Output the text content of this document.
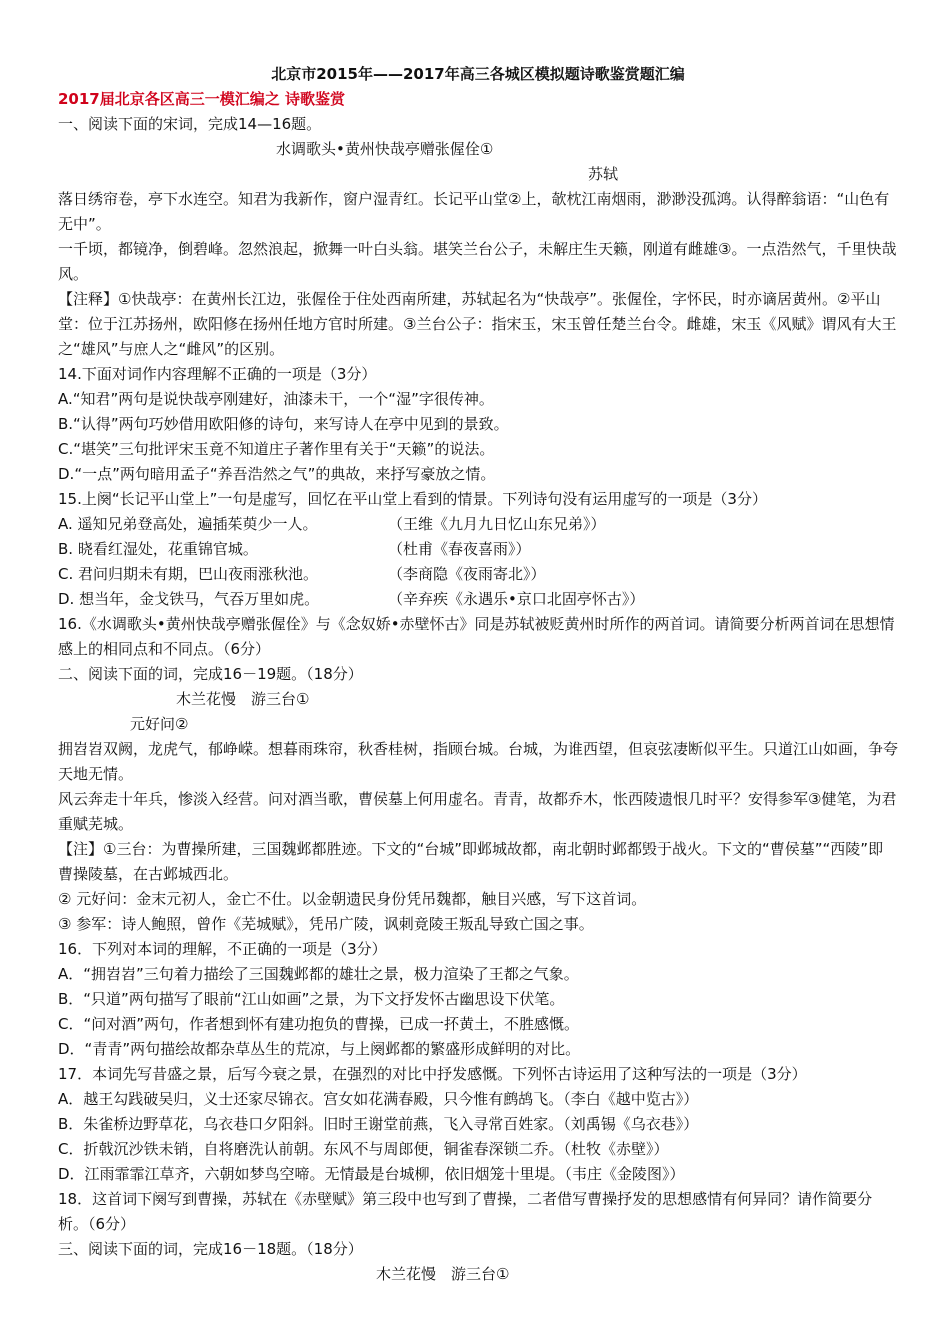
北京市2015年——2017年高三各城区模拟题诗歌鉴赏题汇编
2017届北京各区高三一模汇编之 诗歌鉴赏
一、阅读下面的宋词，完成14—16题。
水调歌头•黄州快哉亭赠张偓佺①
苏轼
落日绣帘卷，亭下水连空。知君为我新作，窗户湿青红。长记平山堂②上，欹枕江南烟雨，渺渺没孤鸿。认得醉翁语：“山色有无中”。
一千顷，都镜净，倒碧峰。忽然浪起，掀舞一叶白头翁。堪笑兰台公子，未解庄生天籁，刚道有雌雄③。一点浩然气，千里快哉风。
【注释】①快哉亭：在黄州长江边，张偓佺于住处西南所建，苏轼起名为“快哉亭”。张偓佺，字怀民，时亦谪居黄州。②平山堂：位于江苏扬州，欧阳修在扬州任地方官时所建。③兰台公子：指宋玉，宋玉曾任楚兰台令。雌雄，宋玉《风赋》谓风有大王之“雄风”与庶人之“雌风”的区别。
14.下面对词作内容理解不正确的一项是（3分）
A.“知君”两句是说快哉亭刚建好，油漆未干，一个“湿”字很传神。
B.“认得”两句巧妙借用欧阳修的诗句，来写诗人在亭中见到的景致。
C.“堪笑”三句批评宋玉竟不知道庄子著作里有关于“天籁”的说法。
D.“一点”两句暗用孟子“养吾浩然之气”的典故，来抒写豪放之情。
15.上阕“长记平山堂上”一句是虚写，回忆在平山堂上看到的情景。下列诗句没有运用虚写的一项是（3分）
A. 遥知兄弟登高处，遍插茱萸少一人。	（王维《九月九日忆山东兄弟》）
B. 晓看红湿处，花重锦官城。	（杜甫《春夜喜雨》）
C. 君问归期未有期，巴山夜雨涨秋池。	（李商隐《夜雨寄北》）
D. 想当年，金戈铁马，气吞万里如虎。	（辛弃疾《永遇乐•京口北固亭怀古》）
16.《水调歌头•黄州快哉亭赠张偓佺》与《念奴娇•赤壁怀古》同是苏轼被贬黄州时所作的两首词。请简要分析两首词在思想情感上的相同点和不同点。（6分）
二、阅读下面的词，完成16－19题。（18分）
木兰花慢　游三台①
元好问②
拥岧岧双阙，龙虎气，郁峥嵘。想暮雨珠帘，秋香桂树，指顾台城。台城，为谁西望，但哀弦凄断似平生。只道江山如画，争夸天地无情。
风云奔走十年兵，惨淡入经营。问对酒当歌，曹侯墓上何用虚名。青青，故都乔木，怅西陵遗恨几时平？安得参军③健笔，为君重赋芜城。
【注】①三台：为曹操所建，三国魏邺都胜迹。下文的“台城”即邺城故都，南北朝时邺都毁于战火。下文的“曹侯墓”“西陵”即曹操陵墓，在古邺城西北。
② 元好问：金末元初人，金亡不仕。以金朝遗民身份凭吊魏都，触目兴感，写下这首词。
③ 参军：诗人鲍照，曾作《芜城赋》，凭吊广陵，讽刺竟陵王叛乱导致亡国之事。
16．下列对本词的理解，不正确的一项是（3分）
A．“拥岧岧”三句着力描绘了三国魏邺都的雄壮之景，极力渲染了王都之气象。
B．“只道”两句描写了眼前“江山如画”之景，为下文抒发怀古幽思设下伏笔。
C．“问对酒”两句，作者想到怀有建功抱负的曹操，已成一抔黄土，不胜感慨。
D．“青青”两句描绘故都杂草丛生的荒凉，与上阕邺都的繁盛形成鲜明的对比。
17．本词先写昔盛之景，后写今衰之景，在强烈的对比中抒发感慨。下列怀古诗运用了这种写法的一项是（3分）
A．越王勾践破吴归，义士还家尽锦衣。宫女如花满春殿，只今惟有鹧鸪飞。（李白《越中览古》）
B．朱雀桥边野草花，乌衣巷口夕阳斜。旧时王谢堂前燕，飞入寻常百姓家。（刘禹锡《乌衣巷》）
C．折戟沉沙铁未销，自将磨洗认前朝。东风不与周郎便，铜雀春深锁二乔。（杜牧《赤壁》）
D．江雨霏霏江草齐，六朝如梦鸟空啼。无情最是台城柳，依旧烟笼十里堤。（韦庄《金陵图》）
18．这首词下阕写到曹操，苏轼在《赤壁赋》第三段中也写到了曹操，二者借写曹操抒发的思想感情有何异同？请作简要分析。（6分）
三、阅读下面的词，完成16－18题。（18分）
木兰花慢　游三台①
